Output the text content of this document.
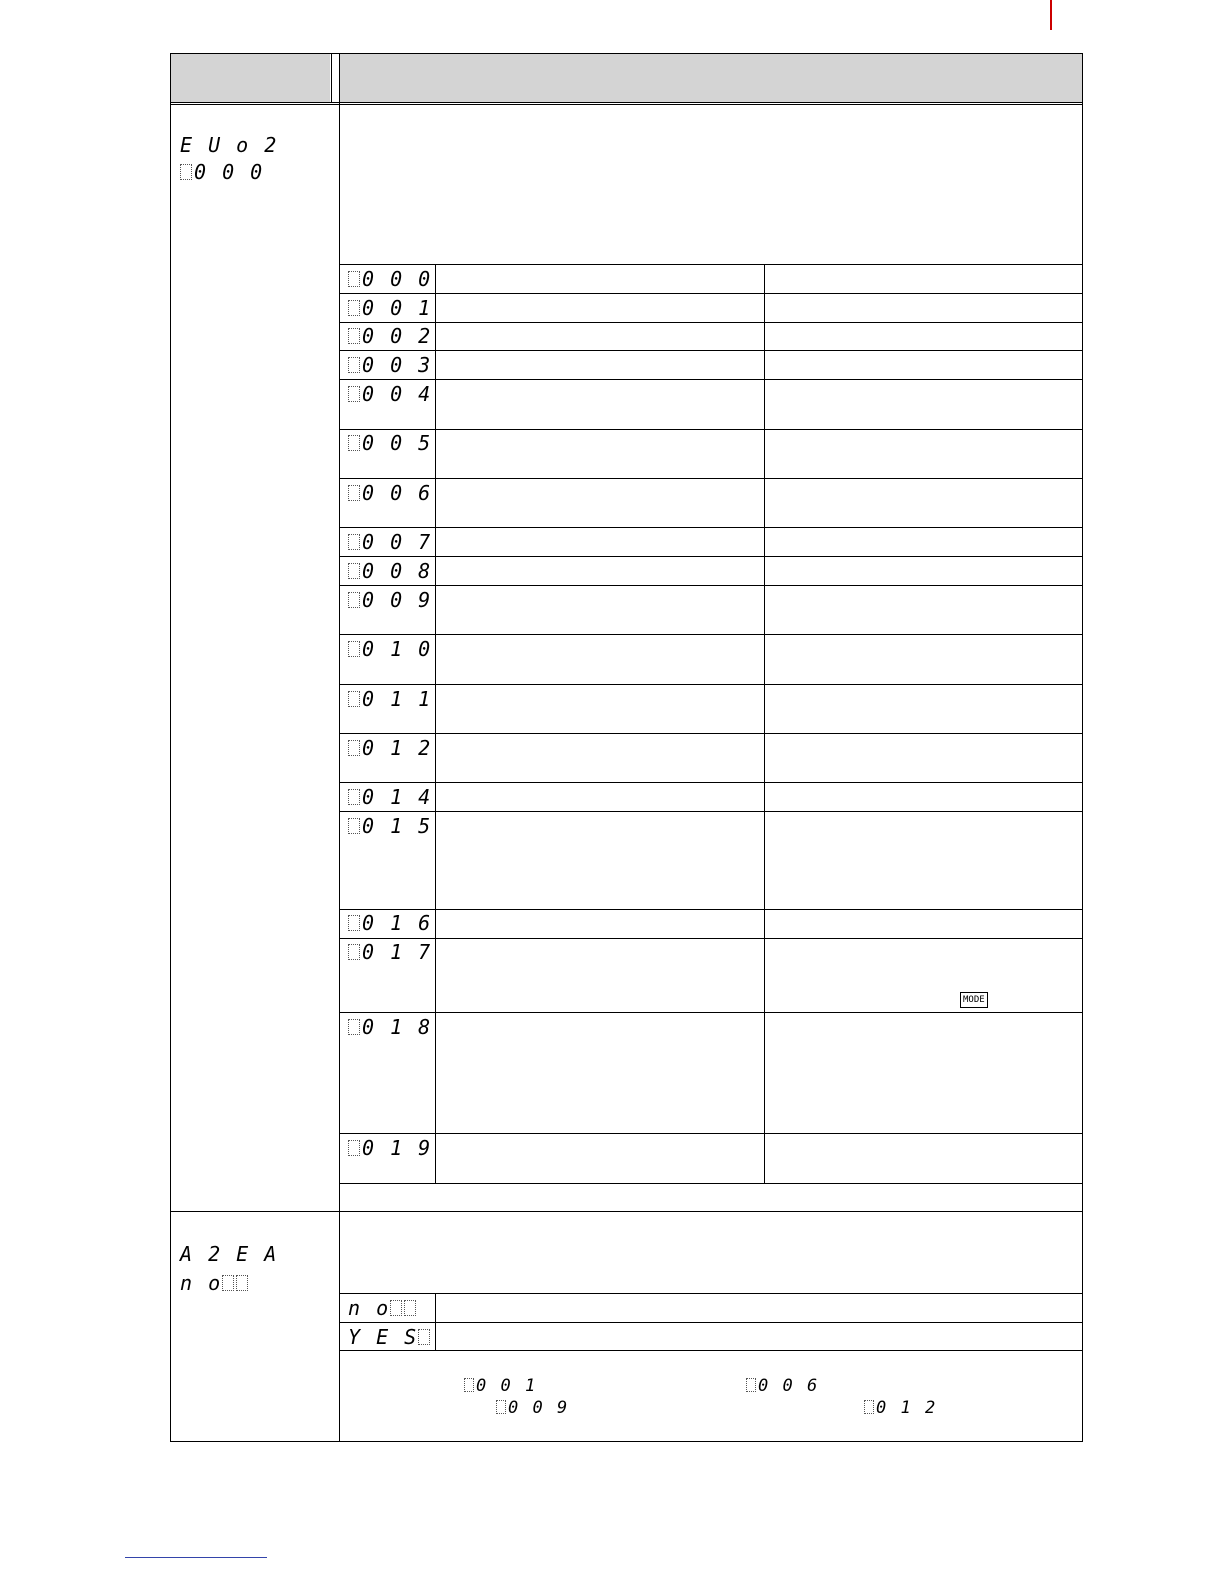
E U o 2
0 0 0
0 0 0
0 0 1
0 0 2
0 0 3
0 0 4
0 0 5
0 0 6
0 0 7
0 0 8
0 0 9
0 1 0
0 1 1
0 1 2
0 1 4
0 1 5
0 1 6
0 1 7
0 1 8
0 1 9
MODE
A 2 E A
n o
n o
Y E S
0 0 1	0 0 6
0 0 9	0 1 2
